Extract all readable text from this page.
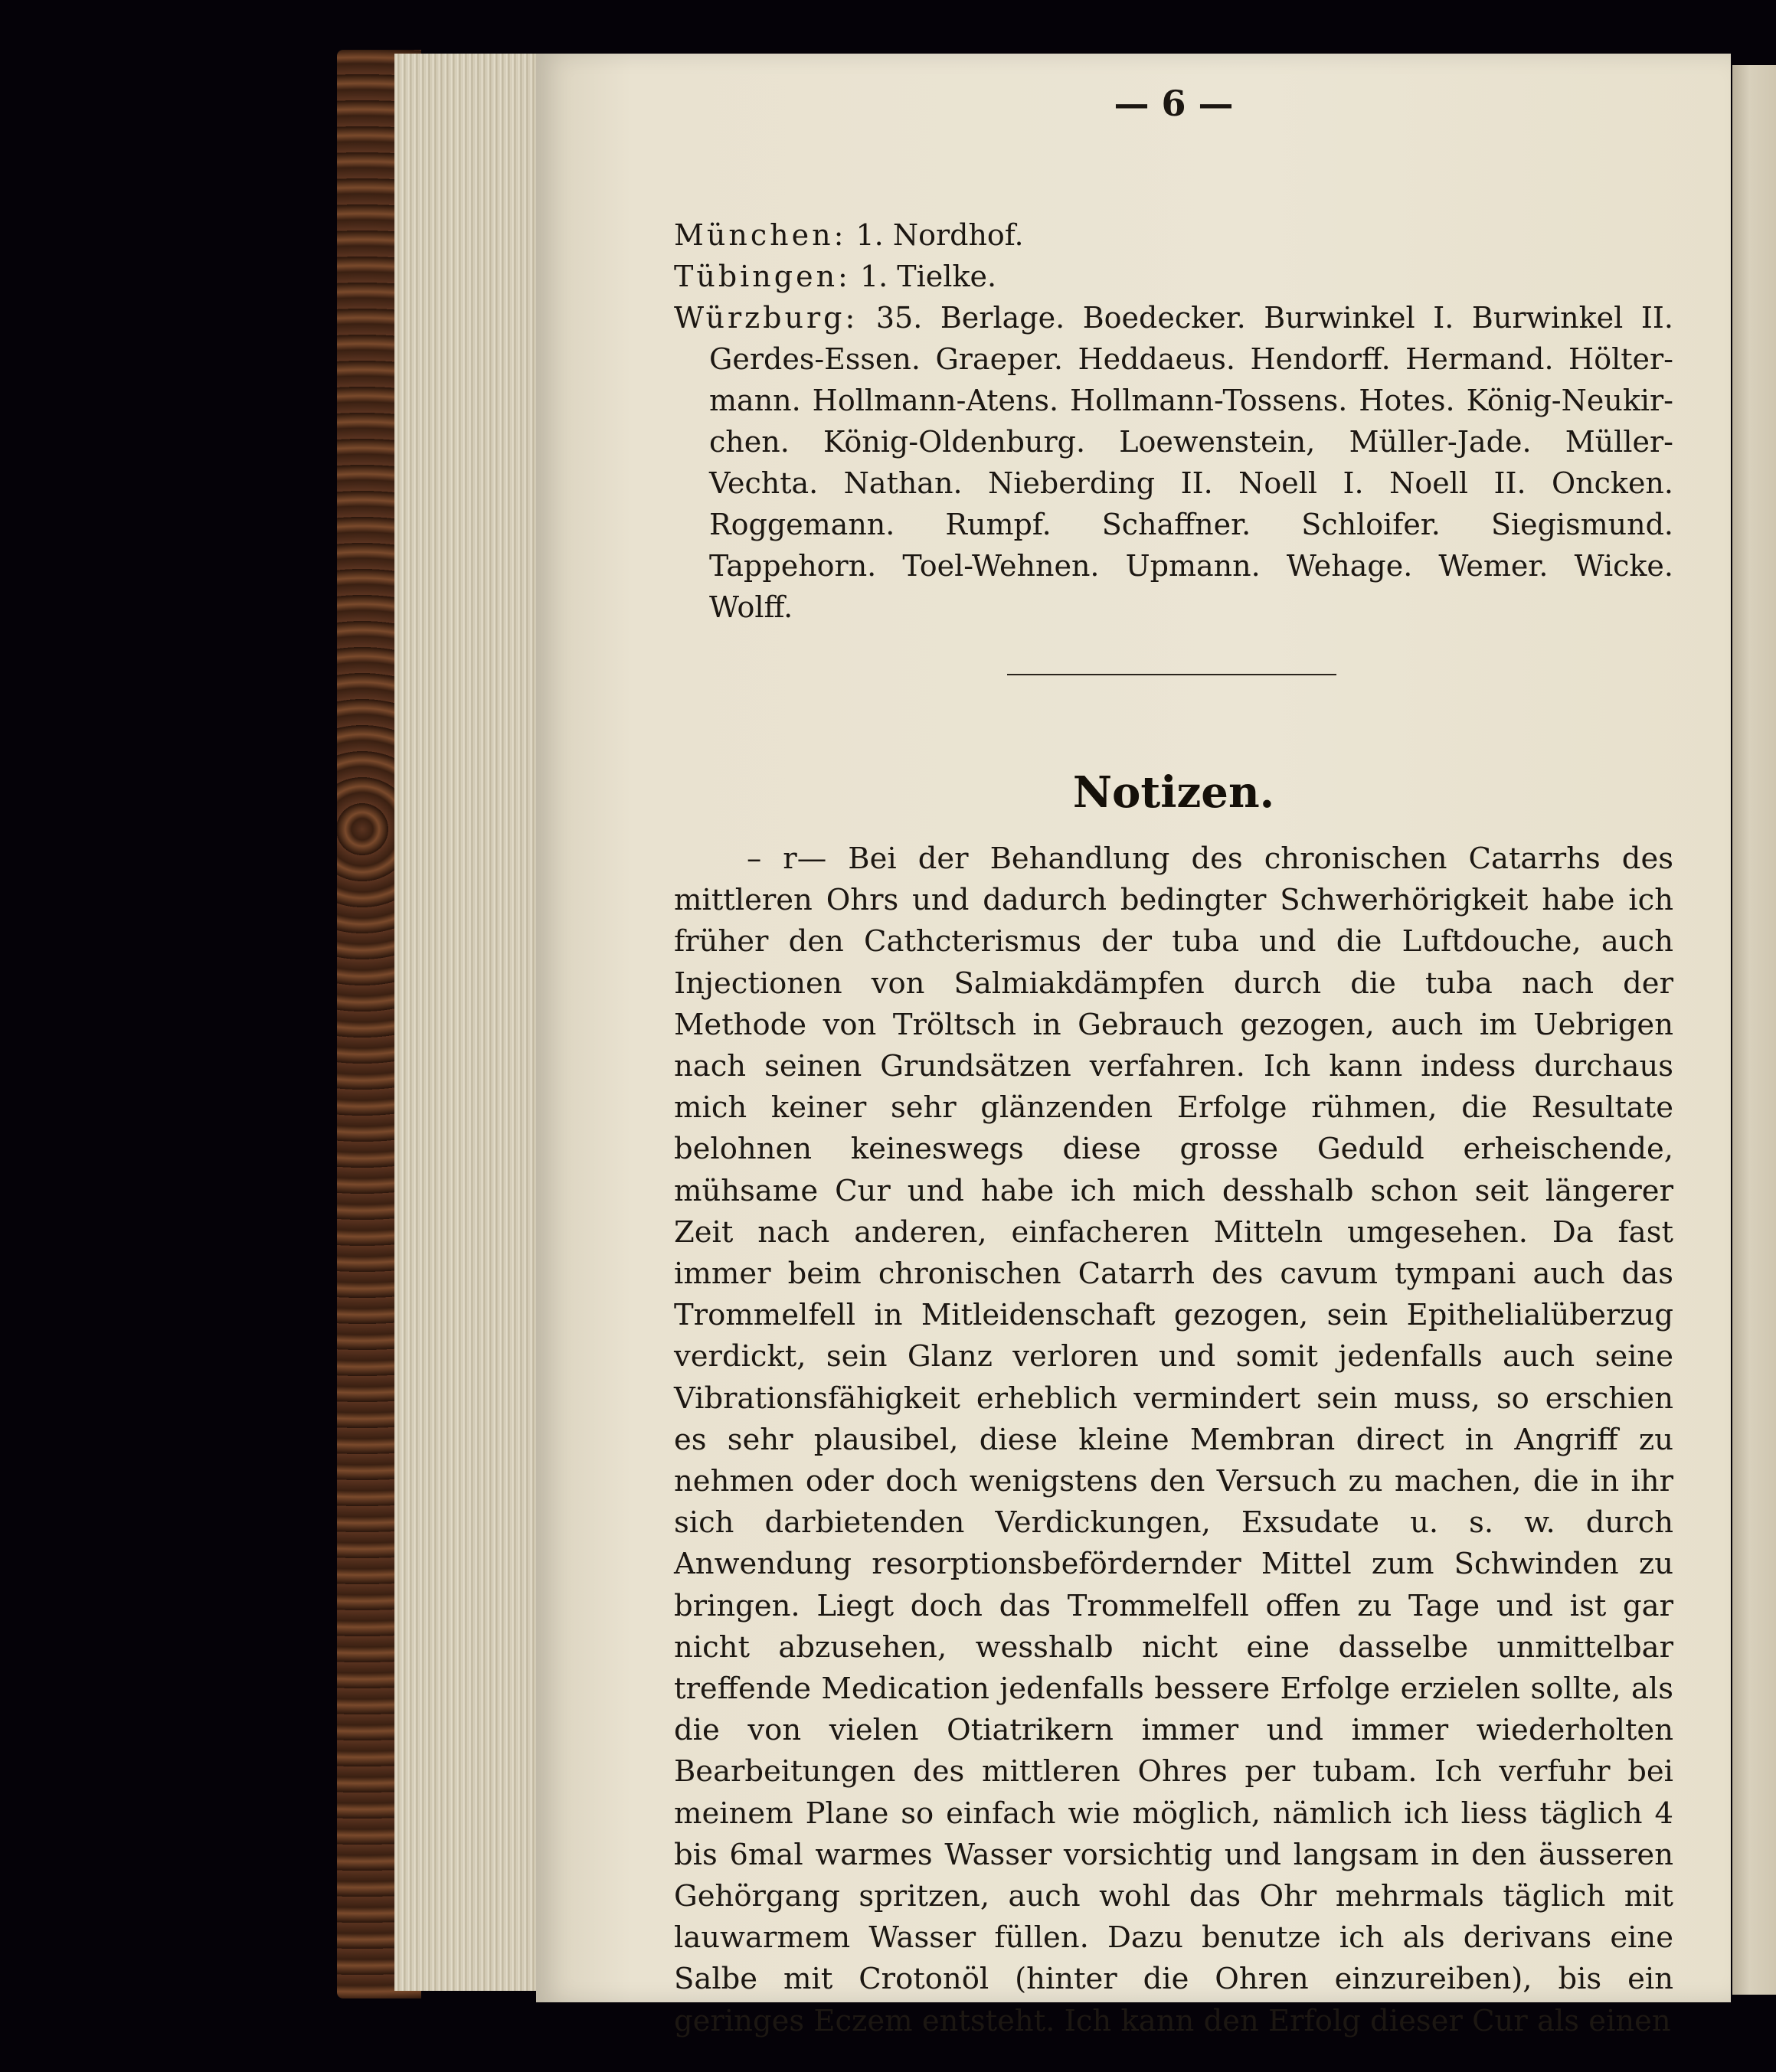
— 6 —

München: 1. Nordhof.

Tübingen: 1. Tielke.

Würzburg: 35. Berlage. Boedecker. Burwinkel I. Burwinkel II. Gerdes-Essen. Graeper. Heddaeus. Hendorff. Hermand. Hölter-mann. Hollmann-Atens. Hollmann-Tossens. Hotes. König-Neukir-chen. König-Oldenburg. Loewenstein, Müller-Jade. Müller-Vechta. Nathan. Nieberding II. Noell I. Noell II. Oncken. Roggemann. Rumpf. Schaffner. Schloifer. Siegismund. Tappehorn. Toel-Wehnen. Upmann. Wehage. Wemer. Wicke. Wolff.

Notizen.

– r— Bei der Behandlung des chronischen Catarrhs des mittleren Ohrs und dadurch bedingter Schwerhörigkeit habe ich früher den Cathcterismus der tuba und die Luftdouche, auch Injectionen von Salmiakdämpfen durch die tuba nach der Methode von Tröltsch in Gebrauch gezogen, auch im Uebrigen nach seinen Grundsätzen verfahren. Ich kann indess durchaus mich keiner sehr glänzenden Erfolge rühmen, die Resultate belohnen keineswegs diese grosse Geduld erheischende, mühsame Cur und habe ich mich desshalb schon seit längerer Zeit nach anderen, einfacheren Mitteln umgesehen. Da fast immer beim chronischen Catarrh des cavum tympani auch das Trommelfell in Mitleidenschaft gezogen, sein Epithelialüberzug verdickt, sein Glanz verloren und somit jedenfalls auch seine Vibrationsfähigkeit erheblich vermindert sein muss, so erschien es sehr plausibel, diese kleine Membran direct in Angriff zu nehmen oder doch wenigstens den Versuch zu machen, die in ihr sich darbietenden Verdickungen, Exsudate u. s. w. durch Anwendung resorptionsbefördernder Mittel zum Schwinden zu bringen. Liegt doch das Trommelfell offen zu Tage und ist gar nicht abzusehen, wesshalb nicht eine dasselbe unmittelbar treffende Medication jedenfalls bessere Erfolge erzielen sollte, als die von vielen Otiatrikern immer und immer wiederholten Bearbeitungen des mittleren Ohres per tubam. Ich verfuhr bei meinem Plane so einfach wie möglich, nämlich ich liess täglich 4 bis 6mal warmes Wasser vorsichtig und langsam in den äusseren Gehörgang spritzen, auch wohl das Ohr mehrmals täglich mit lauwarmem Wasser füllen. Dazu benutze ich als derivans eine Salbe mit Crotonöl (hinter die Ohren einzureiben), bis ein geringes Eczem entsteht. Ich kann den Erfolg dieser Cur als einen
